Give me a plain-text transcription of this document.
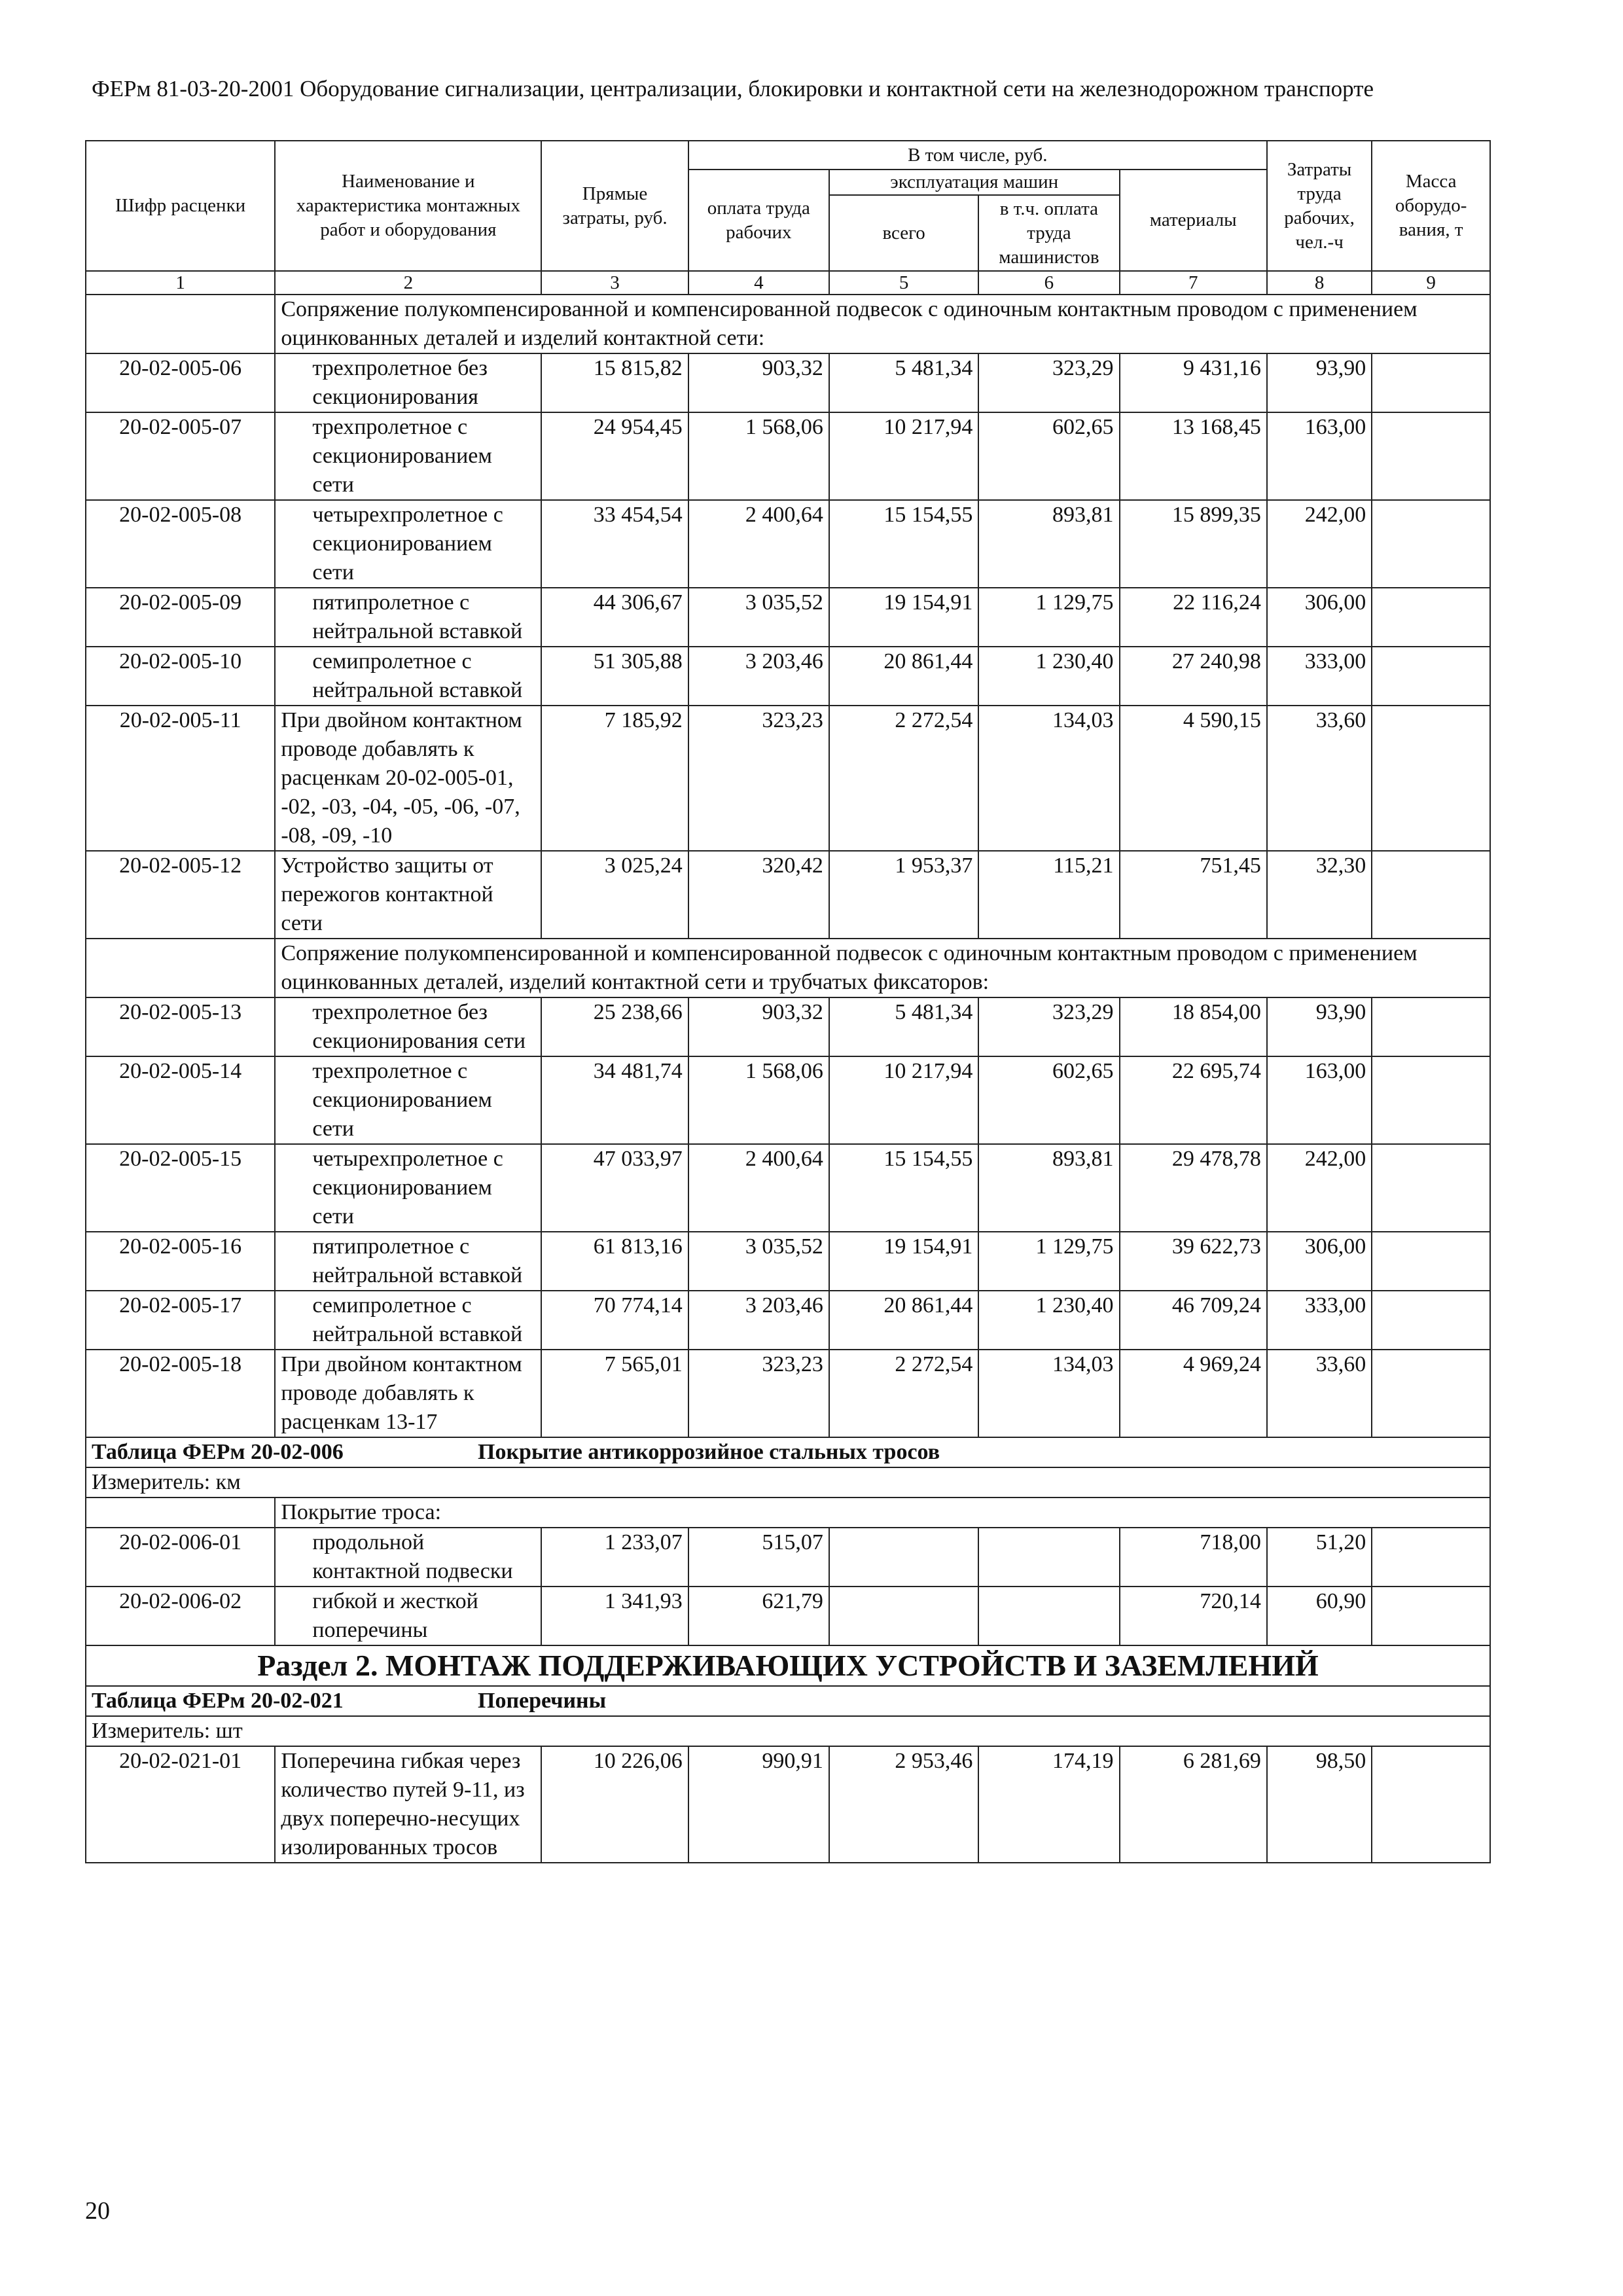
ФЕРм 81-03-20-2001 Оборудование сигнализации, централизации, блокировки и контактной сети на железнодорожном транспорте
Шифр расценки	Наименование и характеристика монтажных работ и оборудования	Прямые затраты, руб.	В том числе, руб.				Затраты труда рабочих, чел.-ч	Масса оборудо-вания, т
			оплата труда рабочих	эксплуатация машин		материалы		
				всего	в т.ч. оплата труда машинистов			
1	2	3	4	5	6	7	8	9
	Сопряжение полукомпенсированной и компенсированной подвесок с одиночным контактным проводом с применением оцинкованных деталей и изделий контактной сети:							
20-02-005-06	трехпролетное без секционирования	15 815,82	903,32	5 481,34	323,29	9 431,16	93,90	
20-02-005-07	трехпролетное с секционированием сети	24 954,45	1 568,06	10 217,94	602,65	13 168,45	163,00	
20-02-005-08	четырехпролетное с секционированием сети	33 454,54	2 400,64	15 154,55	893,81	15 899,35	242,00	
20-02-005-09	пятипролетное с нейтральной вставкой	44 306,67	3 035,52	19 154,91	1 129,75	22 116,24	306,00	
20-02-005-10	семипролетное с нейтральной вставкой	51 305,88	3 203,46	20 861,44	1 230,40	27 240,98	333,00	
20-02-005-11	При двойном контактном проводе добавлять к расценкам 20-02-005-01, -02, -03, -04, -05, -06, -07, -08, -09, -10	7 185,92	323,23	2 272,54	134,03	4 590,15	33,60	
20-02-005-12	Устройство защиты от пережогов контактной сети	3 025,24	320,42	1 953,37	115,21	751,45	32,30	
	Сопряжение полукомпенсированной и компенсированной подвесок с одиночным контактным проводом с применением оцинкованных деталей, изделий контактной сети и трубчатых фиксаторов:							
20-02-005-13	трехпролетное без секционирования сети	25 238,66	903,32	5 481,34	323,29	18 854,00	93,90	
20-02-005-14	трехпролетное с секционированием сети	34 481,74	1 568,06	10 217,94	602,65	22 695,74	163,00	
20-02-005-15	четырехпролетное с секционированием сети	47 033,97	2 400,64	15 154,55	893,81	29 478,78	242,00	
20-02-005-16	пятипролетное с нейтральной вставкой	61 813,16	3 035,52	19 154,91	1 129,75	39 622,73	306,00	
20-02-005-17	семипролетное с нейтральной вставкой	70 774,14	3 203,46	20 861,44	1 230,40	46 709,24	333,00	
20-02-005-18	При двойном контактном проводе добавлять к расценкам 13-17	7 565,01	323,23	2 272,54	134,03	4 969,24	33,60	
Таблица ФЕРм 20-02-006 Покрытие антикоррозийное стальных тросов								
Измеритель: км								
	Покрытие троса:							
20-02-006-01	продольной контактной подвески	1 233,07	515,07			718,00	51,20	
20-02-006-02	гибкой и жесткой поперечины	1 341,93	621,79			720,14	60,90	
Раздел 2. МОНТАЖ ПОДДЕРЖИВАЮЩИХ УСТРОЙСТВ И ЗАЗЕМЛЕНИЙ								
Таблица ФЕРм 20-02-021 Поперечины								
Измеритель: шт								
20-02-021-01	Поперечина гибкая через количество путей 9-11, из двух поперечно-несущих изолированных тросов	10 226,06	990,91	2 953,46	174,19	6 281,69	98,50	
20
